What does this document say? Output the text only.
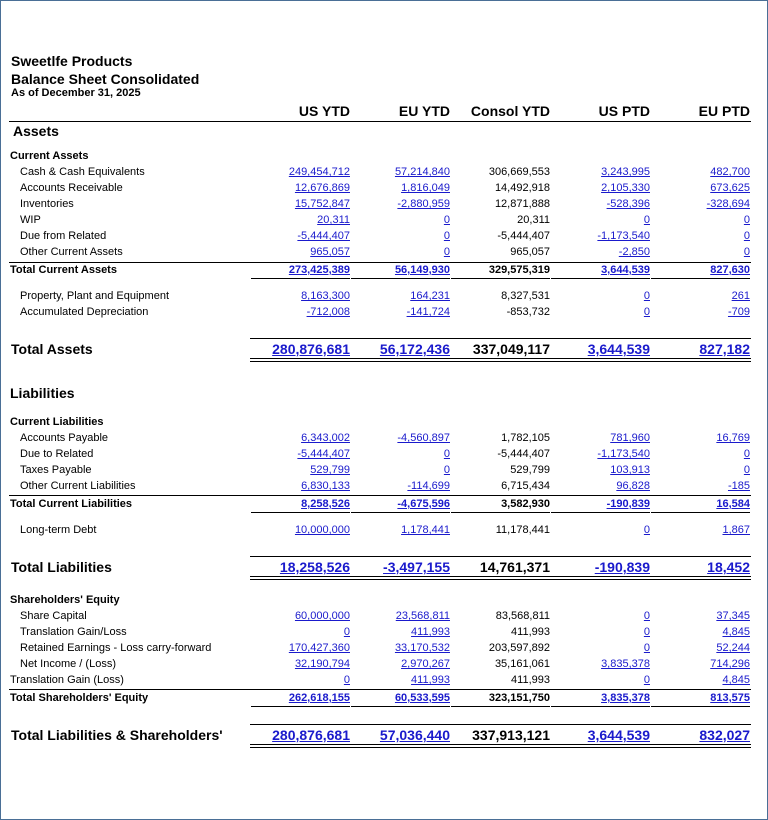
Sweetlfe Products
Balance Sheet Consolidated
As of December 31, 2025
US YTD	EU YTD	Consol YTD	US PTD	EU PTD
Assets
Current Assets
Cash & Cash Equivalents	249,454,712	57,214,840	306,669,553	3,243,995	482,700
Accounts Receivable	12,676,869	1,816,049	14,492,918	2,105,330	673,625
Inventories	15,752,847	-2,880,959	12,871,888	-528,396	-328,694
WIP	20,311	0	20,311	0	0
Due from Related	-5,444,407	0	-5,444,407	-1,173,540	0
Other Current Assets	965,057	0	965,057	-2,850	0
Total Current Assets	273,425,389	56,149,930	329,575,319	3,644,539	827,630
Property, Plant and Equipment	8,163,300	164,231	8,327,531	0	261
Accumulated Depreciation	-712,008	-141,724	-853,732	0	-709
Total Assets	280,876,681	56,172,436	337,049,117	3,644,539	827,182
Liabilities
Current Liabilities
Accounts Payable	6,343,002	-4,560,897	1,782,105	781,960	16,769
Due to Related	-5,444,407	0	-5,444,407	-1,173,540	0
Taxes Payable	529,799	0	529,799	103,913	0
Other Current Liabilities	6,830,133	-114,699	6,715,434	96,828	-185
Total Current Liabilities	8,258,526	-4,675,596	3,582,930	-190,839	16,584
Long-term Debt	10,000,000	1,178,441	11,178,441	0	1,867
Total Liabilities	18,258,526	-3,497,155	14,761,371	-190,839	18,452
Shareholders' Equity
Share Capital	60,000,000	23,568,811	83,568,811	0	37,345
Translation Gain/Loss	0	411,993	411,993	0	4,845
Retained Earnings - Loss carry-forward	170,427,360	33,170,532	203,597,892	0	52,244
Net Income / (Loss)	32,190,794	2,970,267	35,161,061	3,835,378	714,296
Translation Gain (Loss)	0	411,993	411,993	0	4,845
Total Shareholders' Equity	262,618,155	60,533,595	323,151,750	3,835,378	813,575
Total Liabilities & Shareholders'	280,876,681	57,036,440	337,913,121	3,644,539	832,027
